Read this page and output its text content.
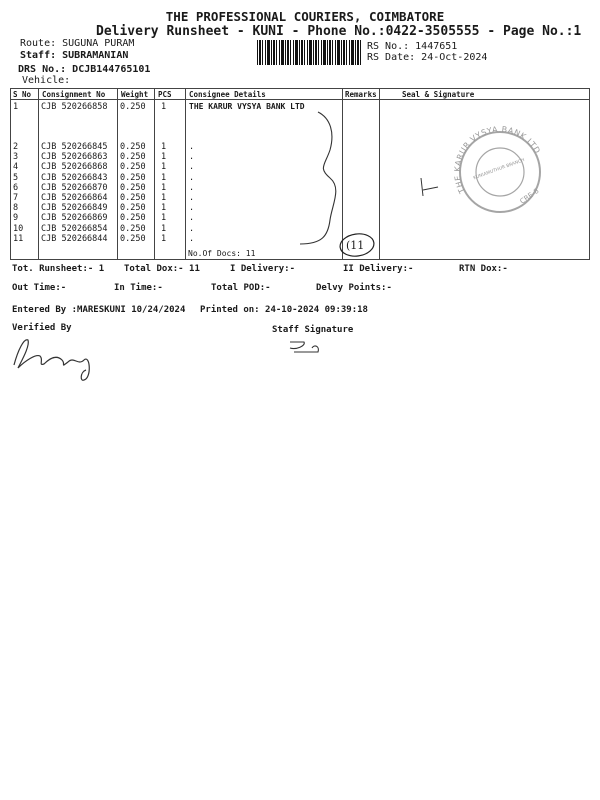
THE PROFESSIONAL COURIERS, COIMBATORE
Delivery Runsheet - KUNI - Phone No.:0422-3505555 - Page No.:1
Route: SUGUNA PURAM
Staff: SUBRAMANIAN
DRS No.: DCJB144765101
Vehicle:
RS No.: 1447651
RS Date: 24-Oct-2024
S No Consignment No Weight PCS Consignee Details	Remarks	Seal & Signature
1	CJB 520266858 0.250 1	THE KARUR VYSYA BANK LTD
2	CJB 520266845 0.250 1	.
3	CJB 520266863 0.250 1	.
4	CJB 520266868 0.250 1	.
5	CJB 520266843 0.250 1	.
6	CJB 520266870 0.250 1	.
7	CJB 520266864 0.250 1	.
8	CJB 520266849 0.250 1	.
9	CJB 520266869 0.250 1	.
10 CJB 520266854 0.250 1	.
11 CJB 520266844 0.250 1	.
No.Of Docs: 11
(11
THE KARUR VYSYA BANK LTD.
KUNIAMUTHUR BRANCH
CRE-8
Tot. Runsheet:- 1 Total Dox:- 11	I Delivery:-	II Delivery:-	RTN Dox:-
Out Time:-	In Time:-	Total POD:-	Delvy Points:-
Entered By :MARESKUNI 10/24/2024 Printed on: 24-10-2024 09:39:18
Verified By	Staff Signature
